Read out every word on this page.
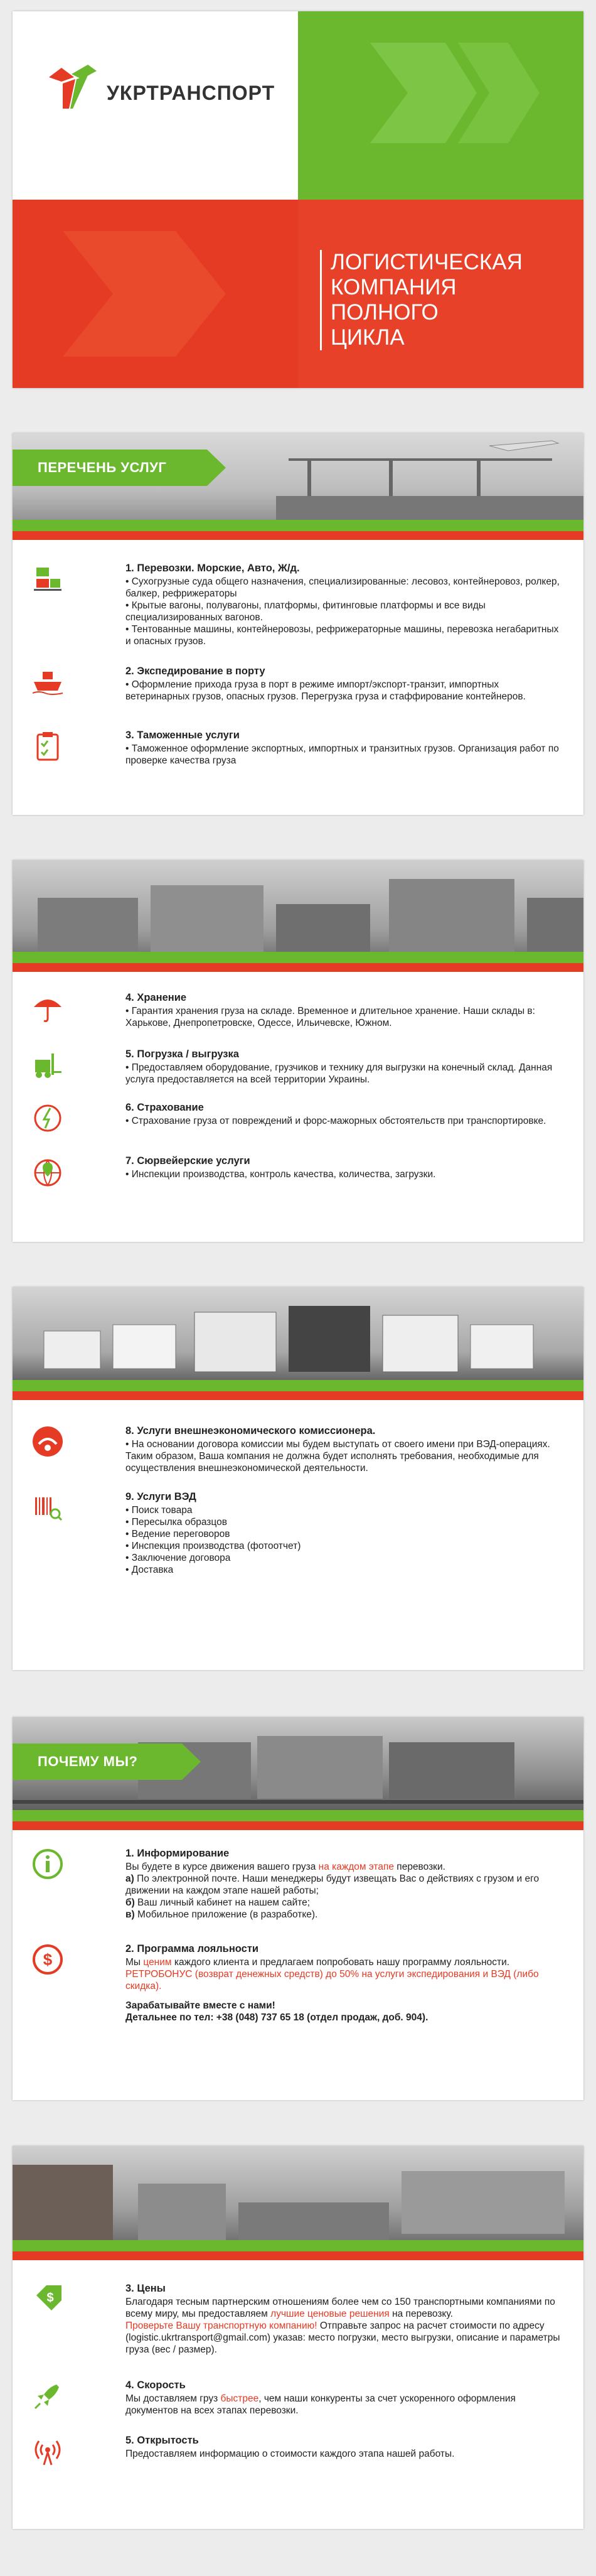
УКРТРАНСПОРТ
ЛОГИСТИЧЕСКАЯ
КОМПАНИЯ
ПОЛНОГО
ЦИКЛА
ПЕРЕЧЕНЬ УСЛУГ
1. Перевозки. Морские, Авто, Ж/д.
• Сухогрузные суда общего назначения, специализированные: лесовоз, контейнеровоз, ролкер, балкер, рефрижераторы
• Крытые вагоны, полувагоны, платформы, фитинговые платформы и все виды специализированных вагонов.
• Тентованные машины, контейнеровозы, рефрижераторные машины, перевозка негабаритных и опасных грузов.
2. Экспедирование в порту
• Оформление прихода груза в порт в режиме импорт/экспорт-транзит, импортных ветеринарных грузов, опасных грузов. Перегрузка груза и стаффирование контейнеров.
3. Таможенные услуги
• Таможенное оформление экспортных, импортных и транзитных грузов. Организация работ по проверке качества груза
4. Хранение
• Гарантия хранения груза на складе. Временное и длительное хранение. Наши склады в: Харькове, Днепропетровске, Одессе, Ильичевске, Южном.
5. Погрузка / выгрузка
• Предоставляем оборудование, грузчиков и технику для выгрузки на конечный склад. Данная услуга предоставляется на всей территории Украины.
6. Страхование
• Страхование груза от повреждений и форс-мажорных обстоятельств при транспортировке.
7. Сюрвейерские услуги
• Инспекции производства, контроль качества, количества, загрузки.
8. Услуги внешнеэкономического комиссионера.
• На основании договора комиссии мы будем выступать от своего имени при ВЭД-операциях. Таким образом, Ваша компания не должна будет исполнять требования, необходимые для осуществления внешнеэкономической деятельности.
9. Услуги ВЭД
• Поиск товара
• Пересылка образцов
• Ведение переговоров
• Инспекция производства (фотоотчет)
• Заключение договора
• Доставка
ПОЧЕМУ МЫ?
1. Информирование
Вы будете в курсе движения вашего груза на каждом этапе перевозки.
а) По электронной почте. Наши менеджеры будут извещать Вас о действиях с грузом и его движении на каждом этапе нашей работы;
б) Ваш личный кабинет на нашем сайте;
в) Мобильное приложение (в разработке).
$
2. Программа лояльности
Мы ценим каждого клиента и предлагаем попробовать нашу программу лояльности.
РЕТРОБОНУС (возврат денежных средств) до 50% на услуги экспедирования и ВЭД (либо скидка).
Зарабатывайте вместе с нами!
Детальнее по тел: +38 (048) 737 65 18 (отдел продаж, доб. 904).
$
3. Цены
Благодаря тесным партнерским отношениям более чем со 150 транспортными компаниями по всему миру, мы предоставляем лучшие ценовые решения на перевозку.
Проверьте Вашу транспортную компанию! Отправьте запрос на расчет стоимости по адресу (logistic.ukrtransport@gmail.com) указав: место погрузки, место выгрузки, описание и параметры груза (вес / размер).
4. Скорость
Мы доставляем груз быстрее, чем наши конкуренты за счет ускоренного оформления документов на всех этапах перевозки.
5. Открытость
Предоставляем информацию о стоимости каждого этапа нашей работы.
